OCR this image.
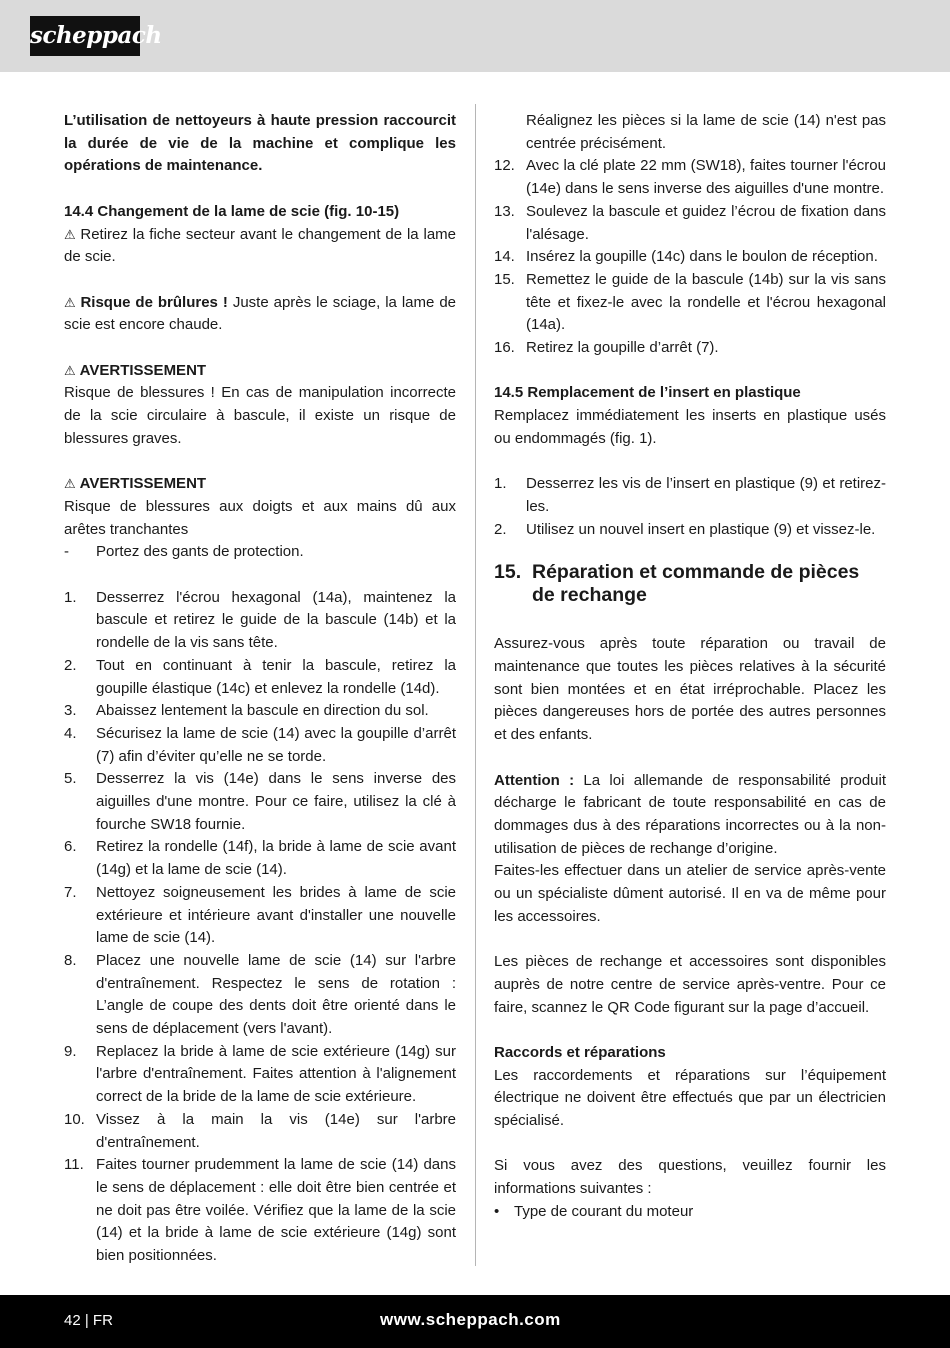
scheppach

L’utilisation de nettoyeurs à haute pression raccourcit la durée de vie de la machine et complique les opérations de maintenance.

14.4 Changement de la lame de scie (fig. 10-15)

⚠ Retirez la fiche secteur avant le changement de la lame de scie.

⚠ Risque de brûlures ! Juste après le sciage, la lame de scie est encore chaude.

⚠ AVERTISSEMENT

Risque de blessures ! En cas de manipulation incorrecte de la scie circulaire à bascule, il existe un risque de blessures graves.

⚠ AVERTISSEMENT

Risque de blessures aux doigts et aux mains dû aux arêtes tranchantes

-	Portez des gants de protection.
1.	Desserrez l'écrou hexagonal (14a), maintenez la bascule et retirez le guide de la bascule (14b) et la rondelle de la vis sans tête.
2.	Tout en continuant à tenir la bascule, retirez la goupille élastique (14c) et enlevez la rondelle (14d).
3.	Abaissez lentement la bascule en direction du sol.
4.	Sécurisez la lame de scie (14) avec la goupille d’arrêt (7) afin d’éviter qu’elle ne se torde.
5.	Desserrez la vis (14e) dans le sens inverse des aiguilles d'une montre. Pour ce faire, utilisez la clé à fourche SW18 fournie.
6.	Retirez la rondelle (14f), la bride à lame de scie avant (14g) et la lame de scie (14).
7.	Nettoyez soigneusement les brides à lame de scie extérieure et intérieure avant d'installer une nouvelle lame de scie (14).
8.	Placez une nouvelle lame de scie (14) sur l'arbre d'entraînement. Respectez le sens de rotation : L’angle de coupe des dents doit être orienté dans le sens de déplacement (vers l'avant).
9.	Replacez la bride à lame de scie extérieure (14g) sur l'arbre d'entraînement. Faites attention à l'alignement correct de la bride de la lame de scie extérieure.
10. Vissez à la main la vis (14e) sur l'arbre d'entraînement.
11. Faites tourner prudemment la lame de scie (14) dans le sens de déplacement : elle doit être bien centrée et ne doit pas être voilée. Vérifiez que la lame de la scie (14) et la bride à lame de scie extérieure (14g) sont bien positionnées.
Réalignez les pièces si la lame de scie (14) n'est pas centrée précisément.
12. Avec la clé plate 22 mm (SW18), faites tourner l'écrou (14e) dans le sens inverse des aiguilles d'une montre.
13. Soulevez la bascule et guidez l’écrou de fixation dans l'alésage.
14. Insérez la goupille (14c) dans le boulon de réception.
15. Remettez le guide de la bascule (14b) sur la vis sans tête et fixez-le avec la rondelle et l'écrou hexagonal (14a).
16. Retirez la goupille d’arrêt (7).

14.5 Remplacement de l’insert en plastique

Remplacez immédiatement les inserts en plastique usés ou endommagés (fig. 1).

1.	Desserrez les vis de l’insert en plastique (9) et retirez-les.
2.	Utilisez un nouvel insert en plastique (9) et vissez-le.
15. Réparation et commande de pièces de rechange

Assurez-vous après toute réparation ou travail de maintenance que toutes les pièces relatives à la sécurité sont bien montées et en état irréprochable. Placez les pièces dangereuses hors de portée des autres personnes et des enfants.

Attention : La loi allemande de responsabilité produit décharge le fabricant de toute responsabilité en cas de dommages dus à des réparations incorrectes ou à la non-utilisation de pièces de rechange d’origine.

Faites-les effectuer dans un atelier de service après-vente ou un spécialiste dûment autorisé. Il en va de même pour les accessoires.

Les pièces de rechange et accessoires sont disponibles auprès de notre centre de service après-ventre. Pour ce faire, scannez le QR Code figurant sur la page d’accueil.

Raccords et réparations

Les raccordements et réparations sur l’équipement électrique ne doivent être effectués que par un électricien spécialisé.

Si vous avez des questions, veuillez fournir les informations suivantes :

• Type de courant du moteur
42 | FR	www.scheppach.com
